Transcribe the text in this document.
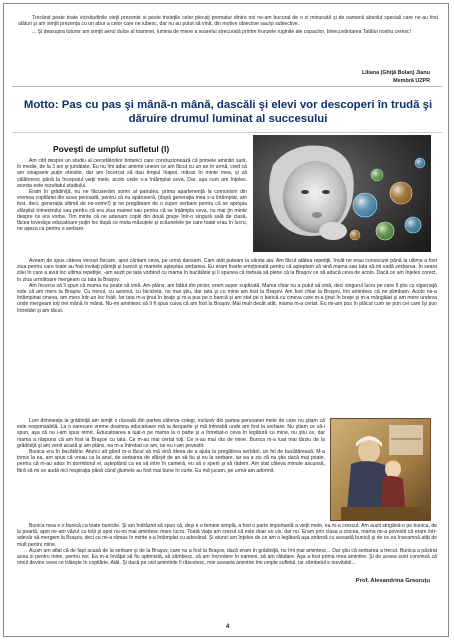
Trecând peste toate vicisitudinile vieţii prezente si peste tristeţile celor plecaţi prematur dintre noi ne-am bucurat de o zi minunată şi de oamenii absolut speciali care ne-au fost alături şi am simţit prezenţa cu un abur a celor care ne iubesc, dar nu au putut să vină, din motive obiective sau/şi subiective.

... Şi deasupra tuturor am simţit aerul dulce al toamnei, lumina de miere a soarelui strecurată printre frunzele ruginite ale copacilor, binecuvântarea Tatălui nostru ceresc!

Liliana (Ghiţă Bolan) Jianu
Membră UZPR
Motto: Pas cu pas şi mână-n mână, dascăli şi elevi vor descoperi în trudă şi dăruire drumul luminat al succesului
Poveşti de umplut sufletul (I)

Am citit despre un studiu al cercetătorilor britanici care concluzionează că primele amintiri sunt, în medie, de la 3 ani şi jumătate. Eu nu îmi aduc aminte uneori ce am făcut cu un an în urmă, cred că am sinapsele puţin obosite, dar am încercat să dau timpul înapoi, măcar în minte mea, şi să călătoresc până la începutul vieţii mele, acolo unde s-a întâmplat ceva. Dar, aşa cum am înţeles, acesta este rezultatul studiului.

Eram în grădiniţă, nu ne făcuserăm somn al patrulea, prima apartenenţă la comunism din vremea copilăriei din acea perioadă, pentru că nu apăruseră, (după generaţia mea s-a întâmplat, am fost, deci, generaţia ultimă de ne-somn!) şi ne pregăteam de o super serbare pentru că se apropia sfârşitul trimestrului sau pentru că era ziua mamei sau pentru că se întâmpla ceva, nu mai ţin minte despre ce era vorba. Tim minte că ne adunam copiii din două grupe într-o singură sală de clasă, făcea toverăşa educatoare puţin loc după ce muta măsuţele şi scăunelele pe care toate erau în lucru, ne aşeza ca pentru o serbare.

Aveam de spus câteva versuri fiecare, apoi cântam ceva, pe urmă dansam. Cam atât puteam la vârsta aia. Am făcut atâtea repetiţii, încât ne erau cunoscute până la ultima a fost ziua pentru care toate au fost invitaţi părinţii şi bunicii şi mamele aşteptau serbarea. Eu eram foarte emoţionată pentru că aşteptam să vină mama sau tata să-mi vadă serbarea. În seara zilei în care a avut loc ultima repetiţie, -am auzit pe tata vorbind cu mama în bucătărie şi îi spunea că trebuia să plece că la Braşov ce să aducă ceva de acolo. Dacă ce am înţeles corect, în ziua următoare mergeam cu tata la Braşov.

Am încerca să îi spun că mama nu poate să vină. Am plâns, am bătut din picior, eram super supărată. Mama chiar nu a putut să vină, deci singurul lucru pe care îl ştiu cu sigurnaţă este că am mers la Braşov. Cu trenul, cu avionul, cu bicicleta, nu mai ştiu, dar tata şi cu mine am fost la Braşov. Am fost chiar la Braşov, îmi amintesc că ne plimbam. Acolo ne-a întâmpinat cineva, am mers într-un loc înalt. Iar tata m-a ţinut în braţe şi m-a pus pe o bancă şi am stat pe o bancă cu cineva care m-a ţinut în braţe şi m-a mângâiat şi am mers undeva unde mergeam toţi trei mână în mână. Nu-mi amintesc să îi fi spus cuiva că am fost la Braşov. Mai mult decât atât, mama m-a certat. Eu mi-am pus în plăcut cum se pun cei care îşi pun întrebări şi am tăcut.

Luni dimineaţa la grădiniţă am simţit o răceală din partea câtorva colegi, inclusiv din partea persoanei mele de care nu ştiam că este responsabilă. La o oarecare vreme doamna educatoare mă ia deoparte şi mă întreabă unde am fost la serbare. Nu ştiam ce să-i spun, aşa că nu i-am spus nimic. Educatoarea a luat-o pe mama la o parte şi a întrebat-o ceva în legătură cu mine, nu ştiu ce, dar mama a răspuns că am fost la Braşov cu tata. Ce m-au mai certat toţi. Ce n-au mai râs de mine. Bunica m-a luat mai târziu de la grădiniţă şi am venit acasă şi am plâns, ea m-a întrebat ce am, iar eu i-am povestit.

Bunica era în bucătărie. Atunci alt gând m-a făcut să mă vină ideea de a ajuta la pregătirea serbării, un fel de bucătăreasă. M-a trimis la ea, am spus că vreau ca la anul, de serbarea de sfârşit de an să fiu şi eu la serbare, iar ea a zis că nu ştie dacă mai poate, pentru că m-au adus în dormitorul ei, aşteptând ca ea să intre în cameră, eu să o sperii şi să râdem. Am stat câteva minute ascunsă, fără să mi se audă nici respiraţia până când glumele au fost mai bune în curte. Eu mă jucam, pe urmă am adormit.

Bunica mea e o bunică ca toate bunicile. Şi am îndrăznit să spun că, deşi e o femeie simplă, a fost o parte importantă a vieţii mele, ea m-a crescut. Am auzit strigând-o pe bunica, de la poartă, apoi ne-am văzut cu toţii şi apoi nu-mi mai amintesc mare lucru. Toată viaţa am crezut că este doar un vis, dar nu. Eram prin clasa a cincea, mama mi-a povestit că eram într-adevăr să mergem la Braşov, deci ce mi-a rămas în minte s-a întâmplat cu adevărat. Şi atunci am înţeles de ce am o legătură aşa strânsă cu această bunică şi de ce ea înseamnă atât de mult pentru mine.

Acum am aflat că de fapt acasă de la serbare şi de la Braşov, care nu a fost la Braşov, dacă eram în grădiniţă, nu îmi mai amintesc... Dar ştiu că serbarea a trecut. Bunica a păstrat acea zi pentru mine, pentru noi. Ea m-a învăţat să fiu optimistă, să zâmbesc, să am încredere în oameni, să am răbdare. Aşa a fost prima mea amintire. Şi de aceea sunt convinsă că omul devine ceea ce trăieşte în copilărie. Atât. Şi dacă pe unii amintirile îi răscolesc, mie aceasta amintire îmi umple sufletul, iar zâmbetul e inevitabil…

Prof. Alexandrina Greoruţu
4
